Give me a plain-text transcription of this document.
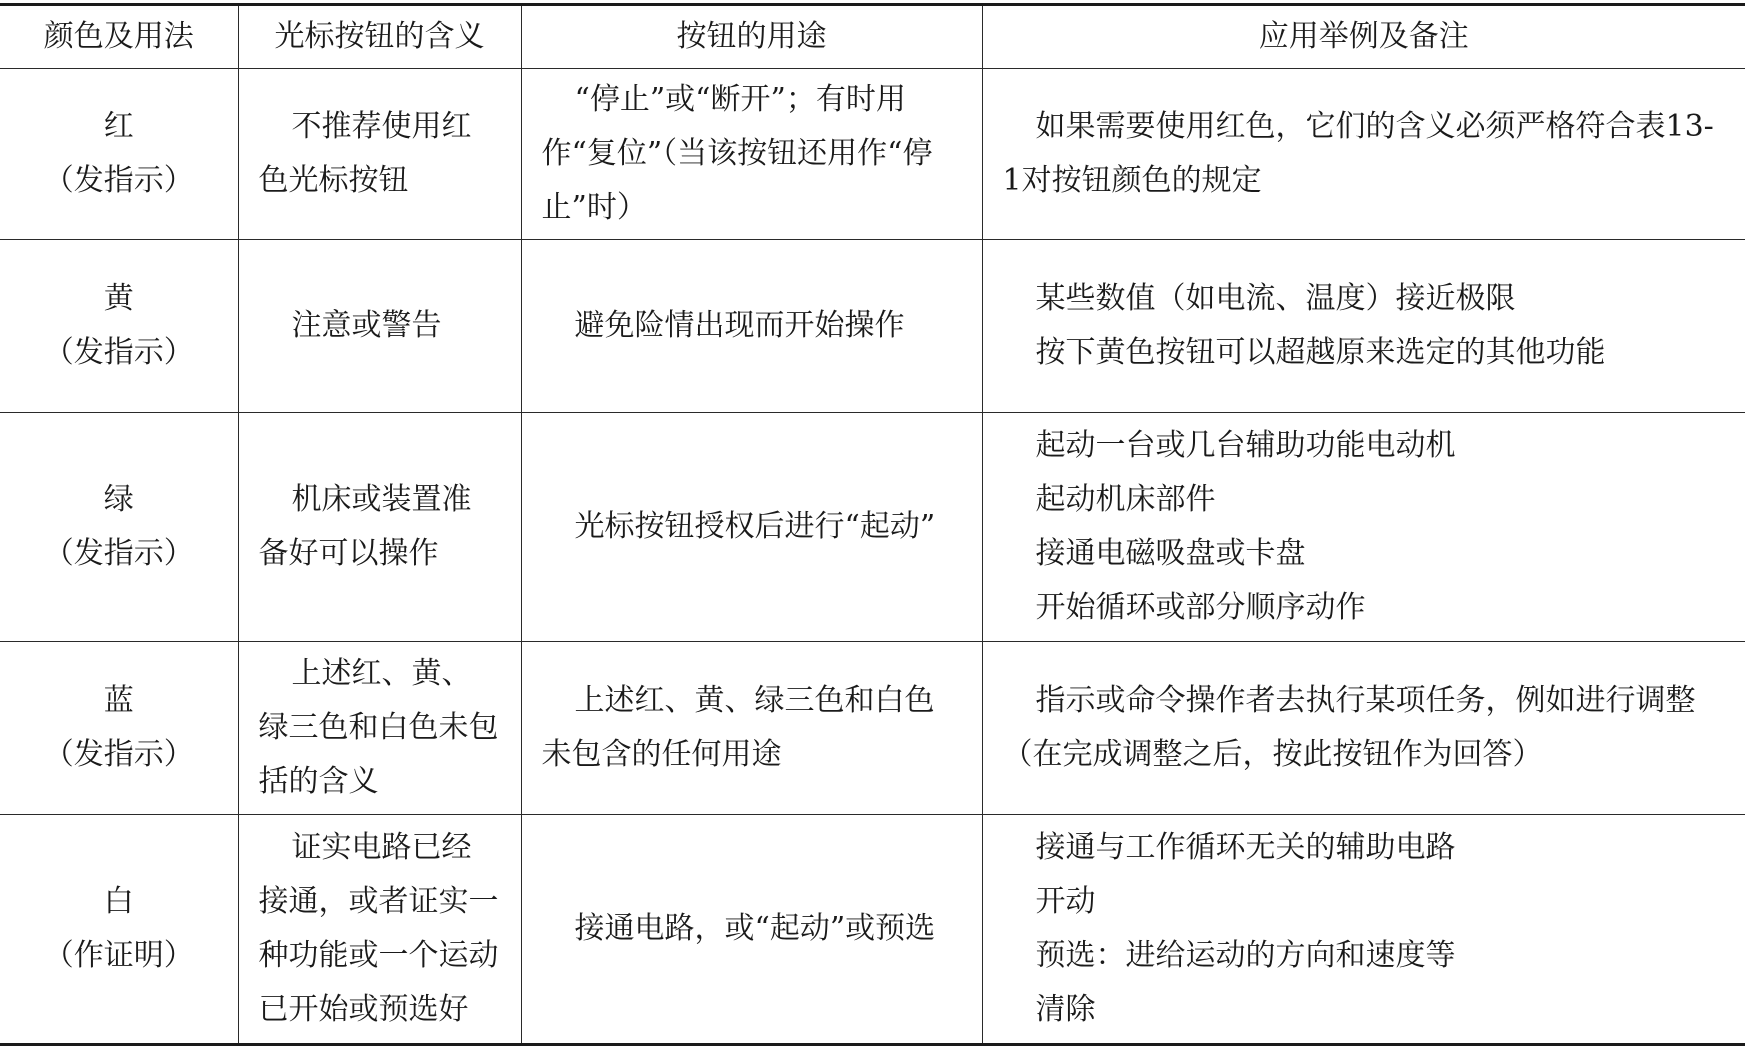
颜色及用法	光标按钮的含义	按钮的用途	应用举例及备注

红
（发指示）	不推荐使用红色光标按钮	“停止”或“断开”；有时用作“复位”（当该按钮还用作“停止”时）	如果需要使用红色，它们的含义必须严格符合表13-1对按钮颜色的规定

黄
（发指示）	注意或警告	避免险情出现而开始操作	某些数值（如电流、温度）接近极限
按下黄色按钮可以超越原来选定的其他功能

绿
（发指示）	机床或装置准备好可以操作	光标按钮授权后进行“起动”	起动一台或几台辅助功能电动机
起动机床部件
接通电磁吸盘或卡盘
开始循环或部分顺序动作

蓝
（发指示）	上述红、黄、绿三色和白色未包括的含义	上述红、黄、绿三色和白色未包含的任何用途	指示或命令操作者去执行某项任务，例如进行调整（在完成调整之后，按此按钮作为回答）

白
（作证明）	证实电路已经接通，或者证实一种功能或一个运动已开始或预选好	接通电路，或“起动”或预选	接通与工作循环无关的辅助电路
开动
预选：进给运动的方向和速度等
清除
